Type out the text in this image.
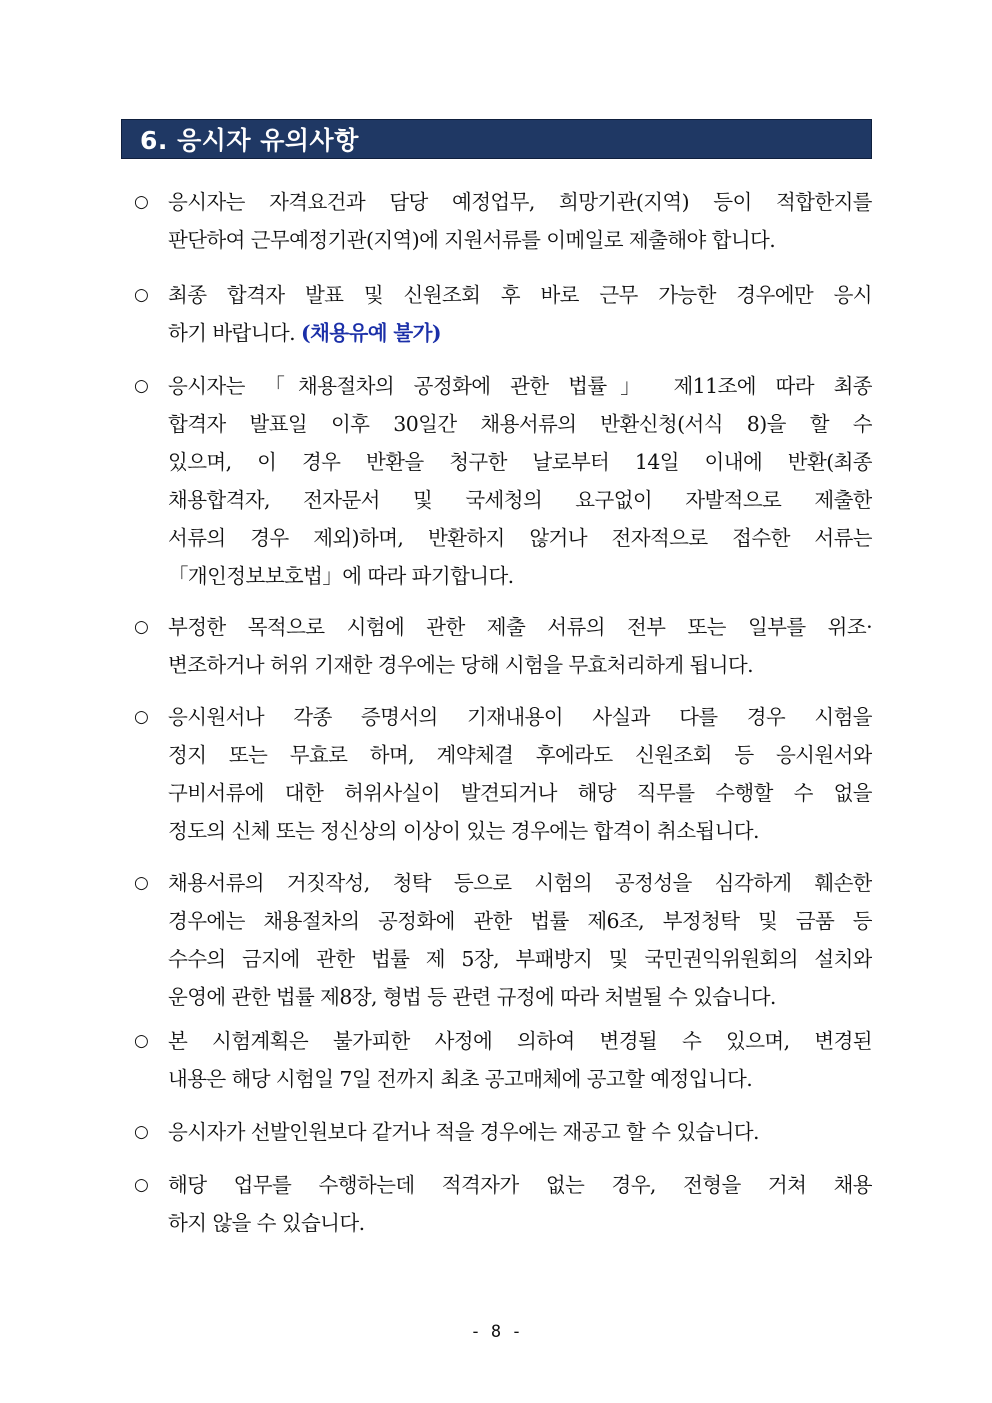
6. 응시자 유의사항
○ 응시자는 자격요건과 담당 예정업무, 희망기관(지역) 등이 적합한지를
판단하여 근무예정기관(지역)에 지원서류를 이메일로 제출해야 합니다.
○ 최종 합격자 발표 및 신원조회 후 바로 근무 가능한 경우에만 응시
하기 바랍니다. (채용유예 불가)
○ 응시자는 「채용절차의 공정화에 관한 법률」 제11조에 따라 최종
합격자 발표일 이후 30일간 채용서류의 반환신청(서식 8)을 할 수
있으며, 이 경우 반환을 청구한 날로부터 14일 이내에 반환(최종
채용합격자, 전자문서 및 국세청의 요구없이 자발적으로 제출한
서류의 경우 제외)하며, 반환하지 않거나 전자적으로 접수한 서류는
「개인정보보호법」에 따라 파기합니다.
○ 부정한 목적으로 시험에 관한 제출 서류의 전부 또는 일부를 위조·
변조하거나 허위 기재한 경우에는 당해 시험을 무효처리하게 됩니다.
○ 응시원서나 각종 증명서의 기재내용이 사실과 다를 경우 시험을
정지 또는 무효로 하며, 계약체결 후에라도 신원조회 등 응시원서와
구비서류에 대한 허위사실이 발견되거나 해당 직무를 수행할 수 없을
정도의 신체 또는 정신상의 이상이 있는 경우에는 합격이 취소됩니다.
○ 채용서류의 거짓작성, 청탁 등으로 시험의 공정성을 심각하게 훼손한
경우에는 채용절차의 공정화에 관한 법률 제6조, 부정청탁 및 금품 등
수수의 금지에 관한 법률 제 5장, 부패방지 및 국민권익위원회의 설치와
운영에 관한 법률 제8장, 형법 등 관련 규정에 따라 처벌될 수 있습니다.
○ 본 시험계획은 불가피한 사정에 의하여 변경될 수 있으며, 변경된
내용은 해당 시험일 7일 전까지 최초 공고매체에 공고할 예정입니다.
○ 응시자가 선발인원보다 같거나 적을 경우에는 재공고 할 수 있습니다.
○ 해당 업무를 수행하는데 적격자가 없는 경우, 전형을 거쳐 채용
하지 않을 수 있습니다.
- 8 -
